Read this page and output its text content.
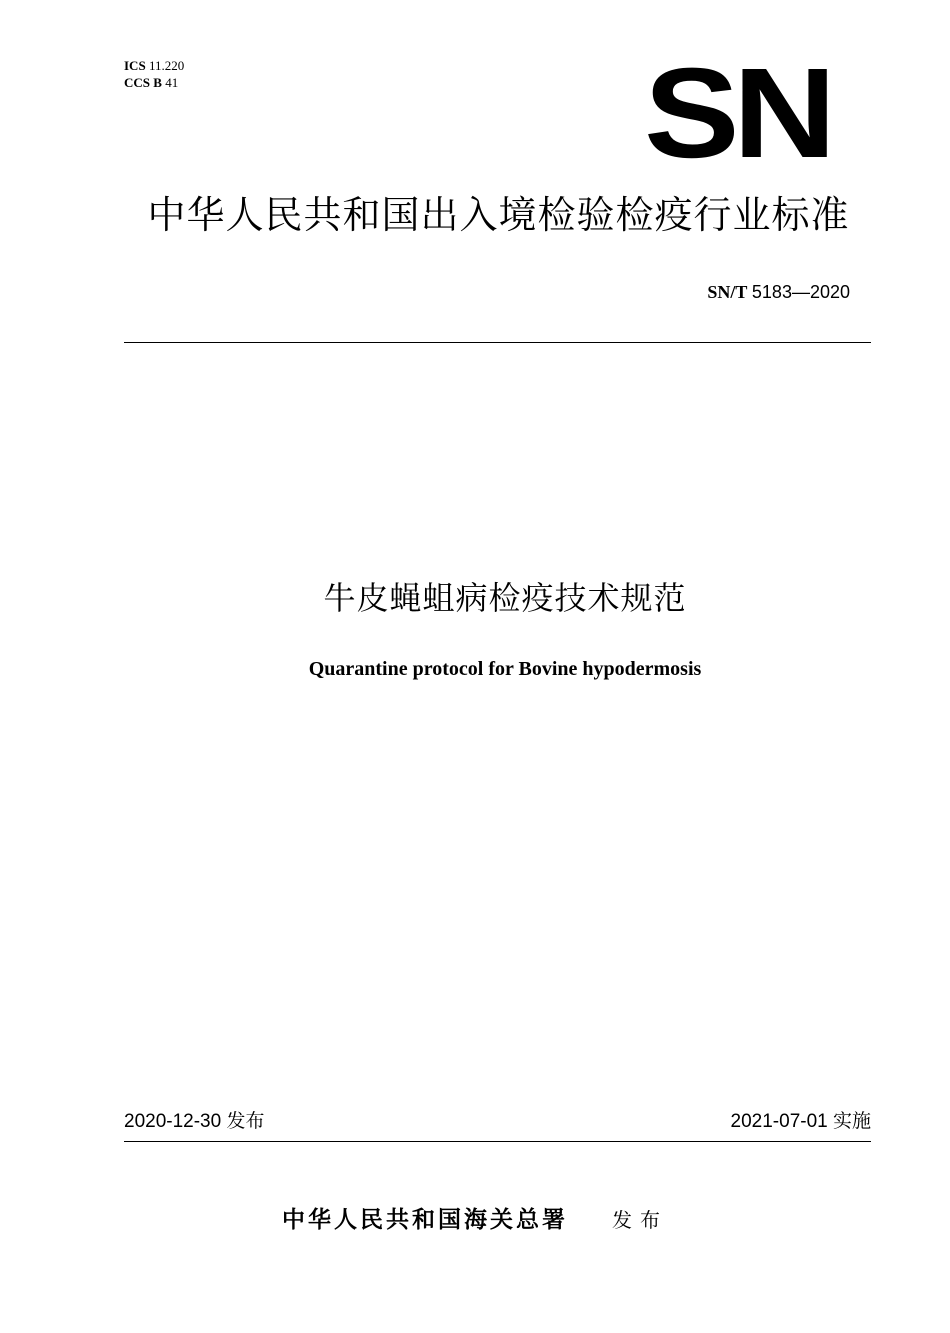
ICS 11.220
CCS B 41	SN
中华人民共和国出入境检验检疫行业标准
SN/T 5183—2020
牛皮蝇蛆病检疫技术规范
Quarantine protocol for Bovine hypodermosis
2020-12-30 发布	2021-07-01 实施
中华人民共和国海关总署 发布
